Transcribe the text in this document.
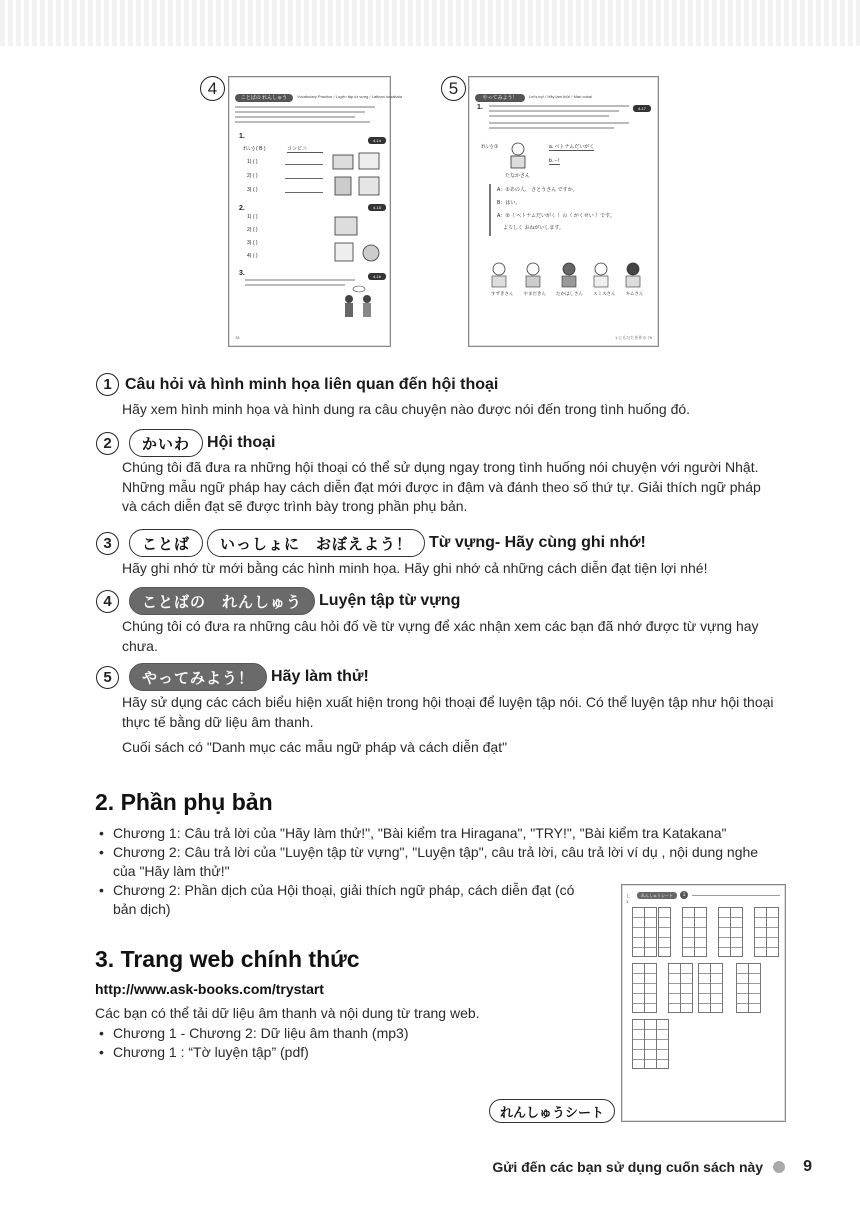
4	ことばの れんしゅう	Vocabulary Practice / Luyện tập từ vựng / Latihan kosakata
1.
4-14
れい) ( B )	コンビニ
1) ( )
2) ( )
3) ( )
2.	4-15
1) ( )
2) ( )
3) ( )
4) ( )
3.	4-16
78
5	やってみよう！	Let's try! / Hãy làm thử! / Mari coba!
1.	4-17
れい) ①	a. ベトナムだいがく
b. ｰｲ
たなかさん
A：①あの人、 さとうさん ですか。
B：はい。
A：②（ ベトナムだいがく ）の（ がくせい ）です。
よろしく おねがいします。
すずきさん やまだきん たかはしさん スミスさん キムさん
1 ともだちを作る 79
1 Câu hỏi và hình minh họa liên quan đến hội thoại
Hãy xem hình minh họa và hình dung ra câu chuyện nào được nói đến trong tình huống đó.
2	かいわ	Hội thoại
Chúng tôi đã đưa ra những hội thoại có thể sử dụng ngay trong tình huống nói chuyện với người Nhật.
Những mẫu ngữ pháp hay cách diễn đạt mới được in đậm và đánh theo số thứ tự. Giải thích ngữ pháp
và cách diễn đạt sẽ được trình bày trong phần phụ bản.
3	ことば	いっしょに　おぼえよう！	Từ vựng- Hãy cùng ghi nhớ!
Hãy ghi nhớ từ mới bằng các hình minh họa. Hãy ghi nhớ cả những cách diễn đạt tiện lợi nhé!
4	ことばの　れんしゅう	Luyện tập từ vựng
Chúng tôi có đưa ra những câu hỏi đố về từ vựng để xác nhận xem các bạn đã nhớ được từ vựng hay
chưa.
5	やってみよう！	Hãy làm thử!
Hãy sử dụng các cách biểu hiện xuất hiện trong hội thoại để luyện tập nói. Có thể luyện tập như hội thoại
thực tế bằng dữ liệu âm thanh.
Cuối sách có "Danh mục các mẫu ngữ pháp và cách diễn đạt"
2. Phần phụ bản
• Chương 1: Câu trả lời của "Hãy làm thử!", "Bài kiểm tra Hiragana", "TRY!", "Bài kiểm tra Katakana"
• Chương 2: Câu trả lời của "Luyện tập từ vựng", "Luyện tập", câu trả lời, câu trả lời ví dụ , nội dung nghe
của "Hãy làm thử!"
• Chương 2: Phần dịch của Hội thoại, giải thích ngữ pháp, cách diễn đạt (có
bản dịch)
3. Trang web chính thức
http://www.ask-books.com/trystart
Các bạn có thể tải dữ liệu âm thanh và nội dung từ trang web.
• Chương 1 - Chương 2: Dữ liệu âm thanh (mp3)
• Chương 1 : “Tờ luyện tập” (pdf)
上1
れんしゅうシート	1
れんしゅうシート
Gửi đến các bạn sử dụng cuốn sách này	9
